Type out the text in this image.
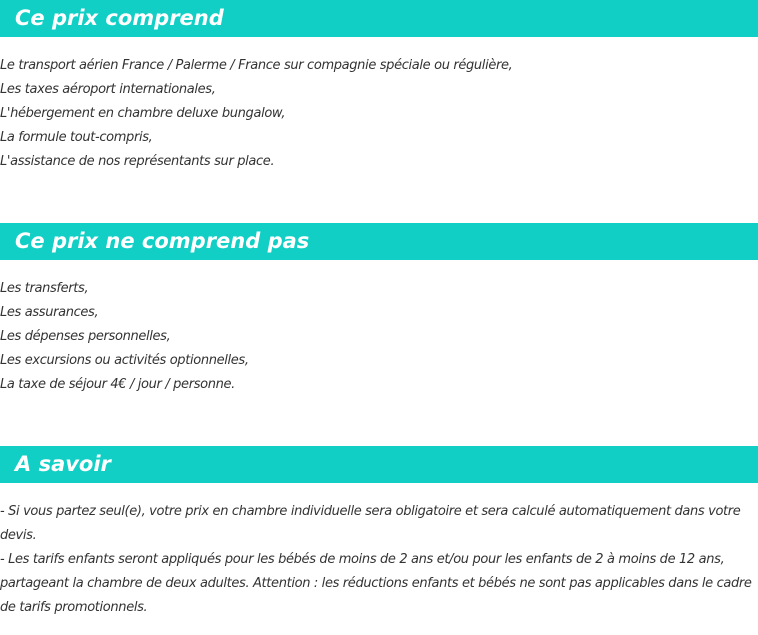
Ce prix comprend
Le transport aérien France / Palerme / France sur compagnie spéciale ou régulière,
Les taxes aéroport internationales,
L'hébergement en chambre deluxe bungalow,
La formule tout-compris,
L'assistance de nos représentants sur place.
Ce prix ne comprend pas
Les transferts,
Les assurances,
Les dépenses personnelles,
Les excursions ou activités optionnelles,
La taxe de séjour 4€ / jour / personne.
A savoir
- Si vous partez seul(e), votre prix en chambre individuelle sera obligatoire et sera calculé automatiquement dans votre devis.
- Les tarifs enfants seront appliqués pour les bébés de moins de 2 ans et/ou pour les enfants de 2 à moins de 12 ans, partageant la chambre de deux adultes. Attention : les réductions enfants et bébés ne sont pas applicables dans le cadre de tarifs promotionnels.
